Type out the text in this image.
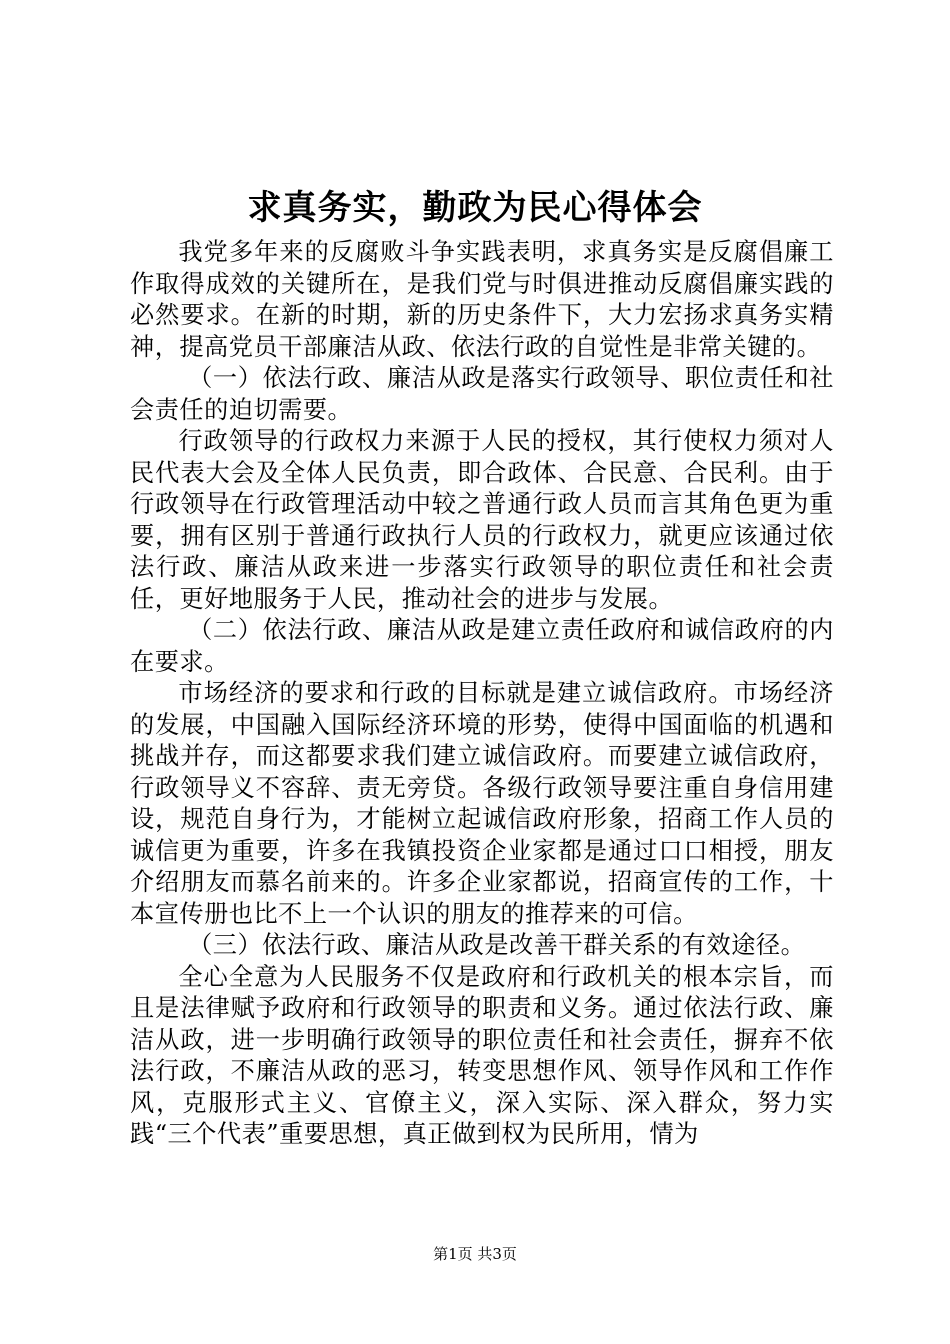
求真务实，勤政为民心得体会

我党多年来的反腐败斗争实践表明，求真务实是反腐倡廉工作取得成效的关键所在，是我们党与时俱进推动反腐倡廉实践的必然要求。在新的时期，新的历史条件下，大力宏扬求真务实精神，提高党员干部廉洁从政、依法行政的自觉性是非常关键的。

（一）依法行政、廉洁从政是落实行政领导、职位责任和社会责任的迫切需要。

行政领导的行政权力来源于人民的授权，其行使权力须对人民代表大会及全体人民负责，即合政体、合民意、合民利。由于行政领导在行政管理活动中较之普通行政人员而言其角色更为重要，拥有区别于普通行政执行人员的行政权力，就更应该通过依法行政、廉洁从政来进一步落实行政领导的职位责任和社会责任，更好地服务于人民，推动社会的进步与发展。

（二）依法行政、廉洁从政是建立责任政府和诚信政府的内在要求。

市场经济的要求和行政的目标就是建立诚信政府。市场经济的发展，中国融入国际经济环境的形势，使得中国面临的机遇和挑战并存，而这都要求我们建立诚信政府。而要建立诚信政府，行政领导义不容辞、责无旁贷。各级行政领导要注重自身信用建设，规范自身行为，才能树立起诚信政府形象，招商工作人员的诚信更为重要，许多在我镇投资企业家都是通过口口相授，朋友介绍朋友而慕名前来的。许多企业家都说，招商宣传的工作，十本宣传册也比不上一个认识的朋友的推荐来的可信。

（三）依法行政、廉洁从政是改善干群关系的有效途径。

全心全意为人民服务不仅是政府和行政机关的根本宗旨，而且是法律赋予政府和行政领导的职责和义务。通过依法行政、廉洁从政，进一步明确行政领导的职位责任和社会责任，摒弃不依法行政，不廉洁从政的恶习，转变思想作风、领导作风和工作作风，克服形式主义、官僚主义，深入实际、深入群众，努力实践“三个代表”重要思想，真正做到权为民所用，情为

第1页 共3页
